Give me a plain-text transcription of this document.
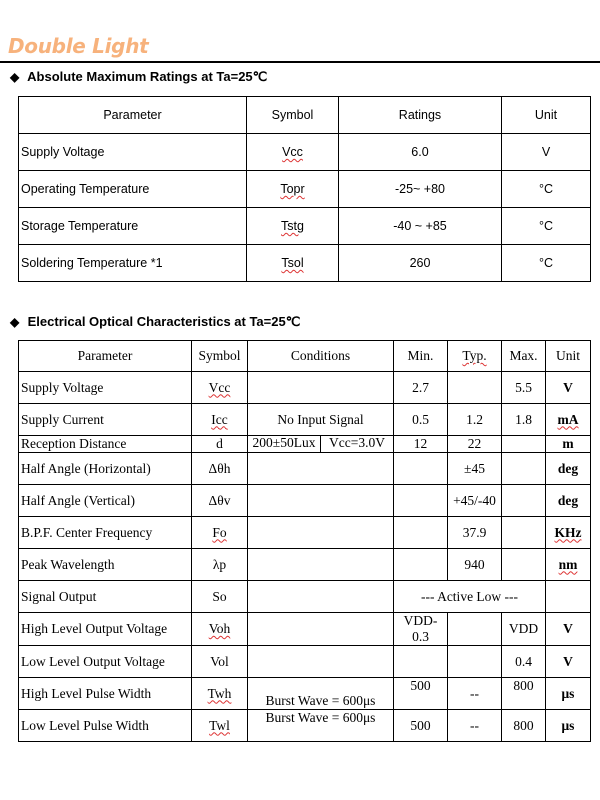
Double Light
◆ Absolute Maximum Ratings at Ta=25℃
Parameter	Symbol	Ratings	Unit
Supply Voltage	Vcc	6.0	V
Operating Temperature	Topr	-25~ +80	°C
Storage Temperature	Tstg	-40 ~ +85	°C
Soldering Temperature *1	Tsol	260	°C
◆ Electrical Optical Characteristics at Ta=25℃
Parameter	Symbol	Conditions	Min.	Typ.	Max.	Unit
Supply Voltage	Vcc		2.7		5.5	V
Supply Current	Icc	No Input Signal	0.5	1.2	1.8	mA
Reception Distance	d	200±50Lux Vcc=3.0V	12	22		m
Half Angle (Horizontal)	Δθh			±45		deg
Half Angle (Vertical)	Δθv			+45/-40		deg
B.P.F. Center Frequency	Fo			37.9		KHz
Peak Wavelength	λp			940		nm
Signal Output	So		--- Active Low ---			
High Level Output Voltage	Voh		VDD-0.3		VDD	V
Low Level Output Voltage	Vol				0.4	V
High Level Pulse Width	Twh	Burst Wave = 600μs	500	--	800	μs
Low Level Pulse Width	Twl	Burst Wave = 600μs	500	--	800	μs
